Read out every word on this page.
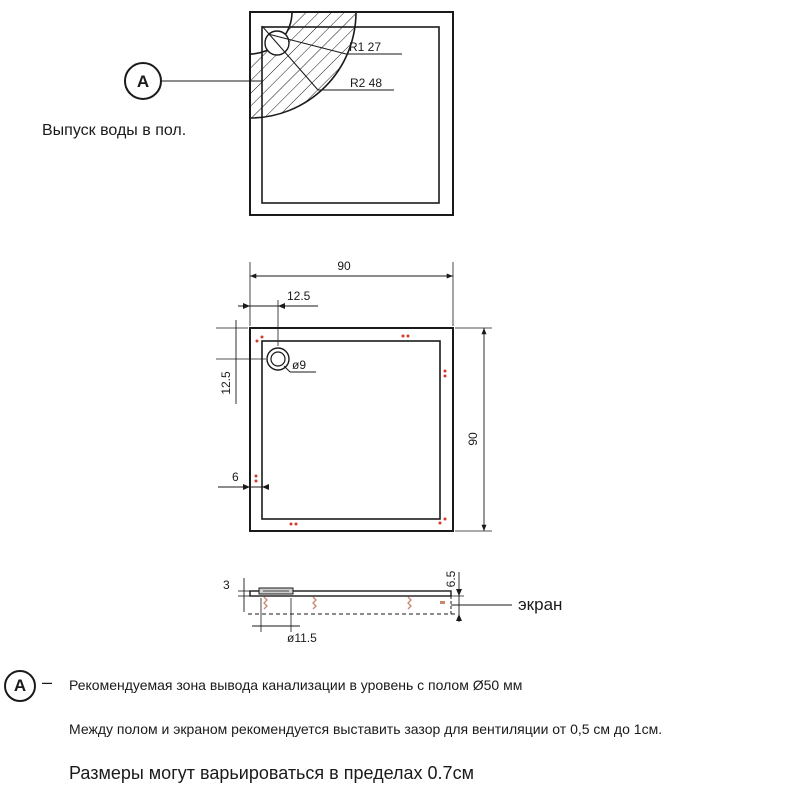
R1 27
R2 48
A
Выпуск воды в пол.
ø9
90
12.5
12.5
6
90
3	6.5
экран
ø11.5
A – Рекомендуемая зона вывода канализации в уровень с полом Ø50 мм
Между полом и экраном рекомендуется выставить зазор для вентиляции от 0,5 см до 1см.
Размеры могут варьироваться в пределах 0.7см
